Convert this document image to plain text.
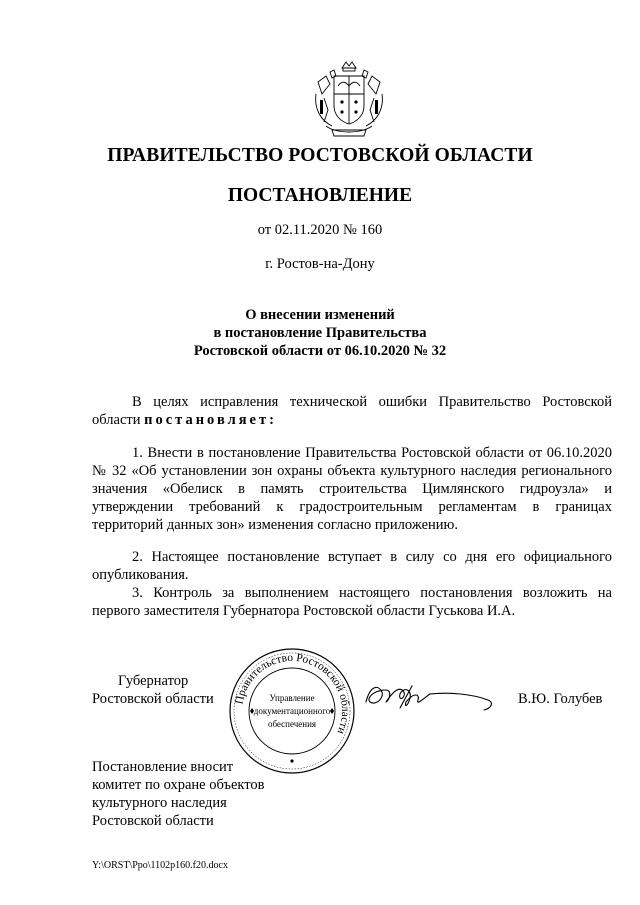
ПРАВИТЕЛЬСТВО РОСТОВСКОЙ ОБЛАСТИ
ПОСТАНОВЛЕНИЕ
от 02.11.2020 № 160
г. Ростов-на-Дону
О внесении изменений
в постановление Правительства
Ростовской области от 06.10.2020 № 32
В целях исправления технической ошибки Правительство Ростовской области постановляет:
1. Внести в постановление Правительства Ростовской области от 06.10.2020 № 32 «Об установлении зон охраны объекта культурного наследия регионального значения «Обелиск в память строительства Цимлянского гидроузла» и утверждении требований к градостроительным регламентам в границах территорий данных зон» изменения согласно приложению.
2. Настоящее постановление вступает в силу со дня его официального опубликования.
3. Контроль за выполнением настоящего постановления возложить на первого заместителя Губернатора Ростовской области Гуськова И.А.
Губернатор
Ростовской области Правительство Ростовской области
Управление
документационного
обеспечения
В.Ю. Голубев
Постановление вносит
комитет по охране объектов
культурного наследия
Ростовской области
Y:\ORST\Ppo\1102p160.f20.docx
